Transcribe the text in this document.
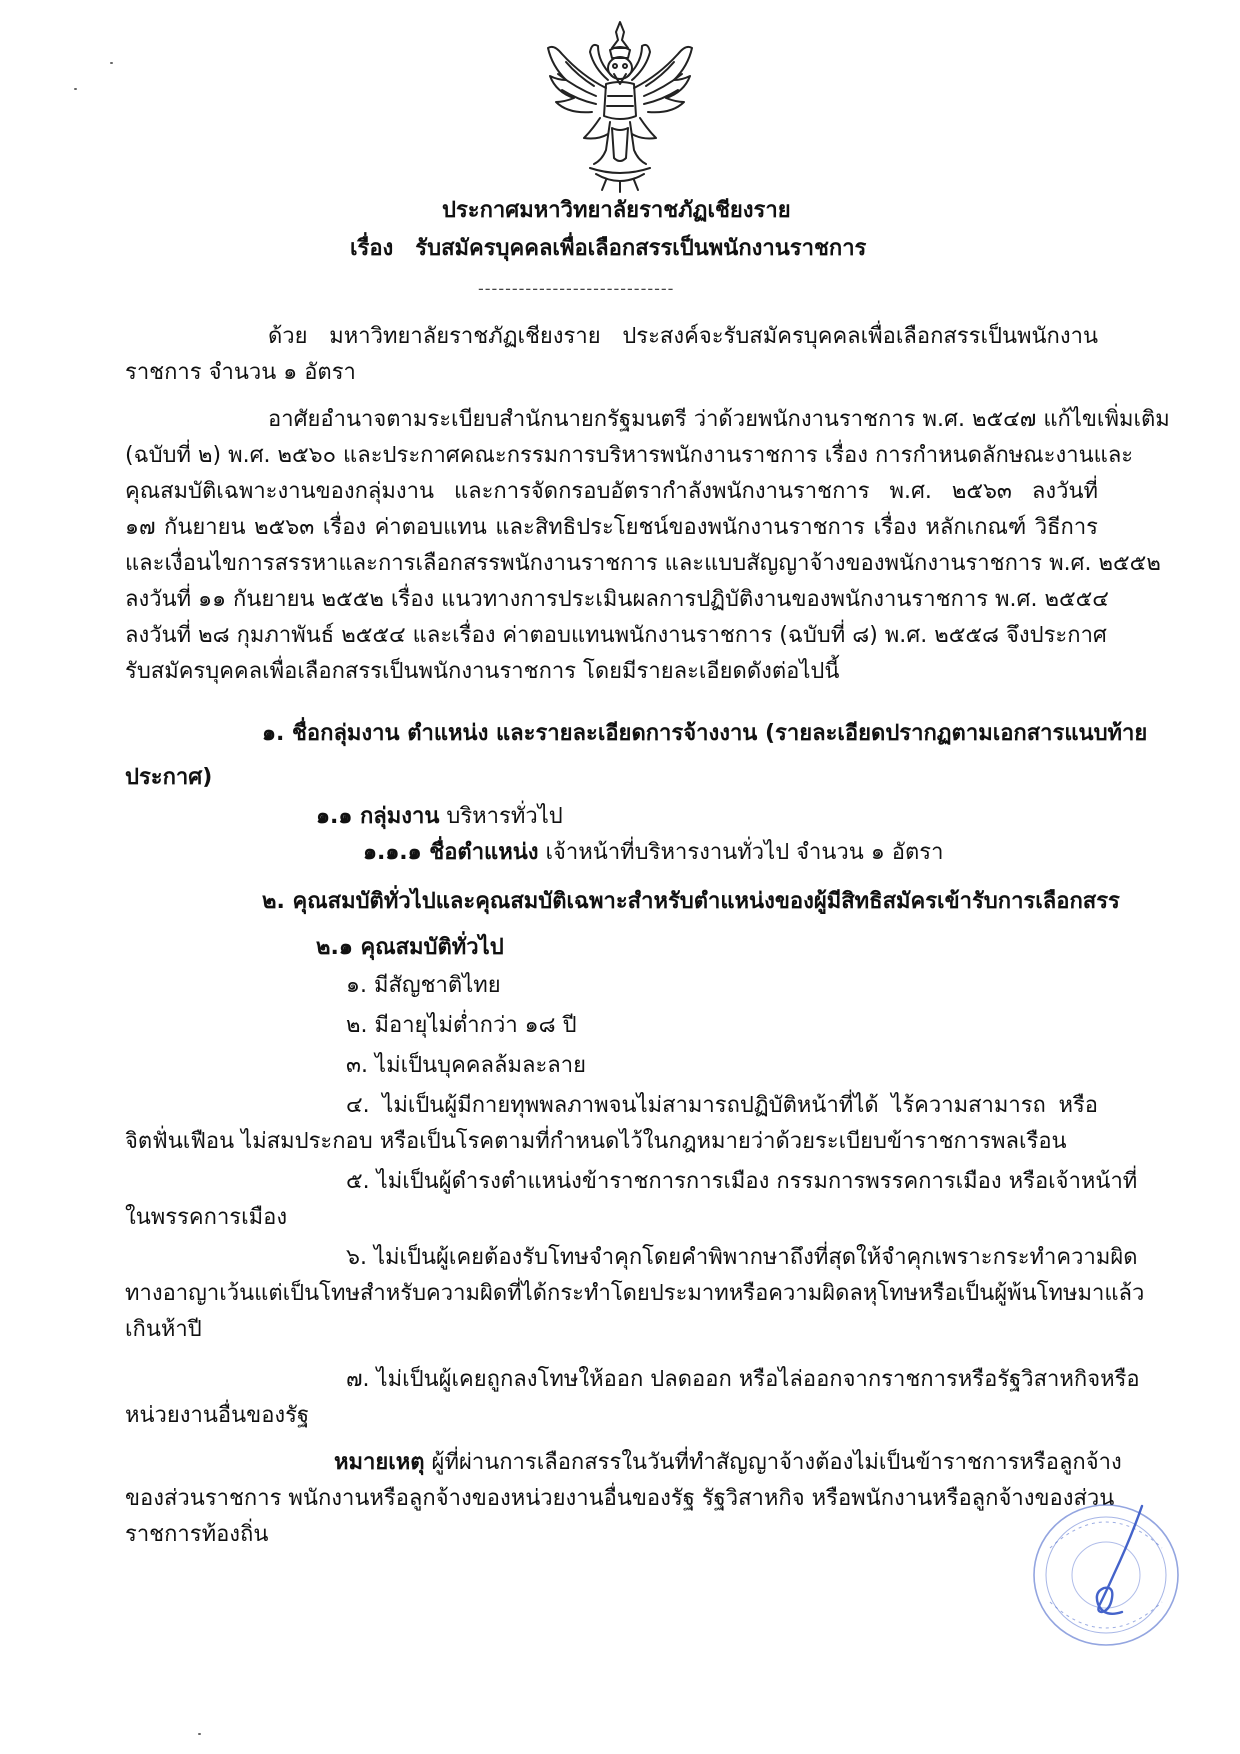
ประกาศมหาวิทยาลัยราชภัฏเชียงราย
เรื่อง รับสมัครบุคคลเพื่อเลือกสรรเป็นพนักงานราชการ
-----------------------------
ด้วย มหาวิทยาลัยราชภัฏเชียงราย ประสงค์จะรับสมัครบุคคลเพื่อเลือกสรรเป็นพนักงาน
ราชการ จำนวน ๑ อัตรา
อาศัยอำนาจตามระเบียบสำนักนายกรัฐมนตรี ว่าด้วยพนักงานราชการ พ.ศ. ๒๕๔๗ แก้ไขเพิ่มเติม
(ฉบับที่ ๒) พ.ศ. ๒๕๖๐ และประกาศคณะกรรมการบริหารพนักงานราชการ เรื่อง การกำหนดลักษณะงานและ
คุณสมบัติเฉพาะงานของกลุ่มงาน และการจัดกรอบอัตรากำลังพนักงานราชการ พ.ศ. ๒๕๖๓ ลงวันที่
๑๗ กันยายน ๒๕๖๓ เรื่อง ค่าตอบแทน และสิทธิประโยชน์ของพนักงานราชการ เรื่อง หลักเกณฑ์ วิธีการ
และเงื่อนไขการสรรหาและการเลือกสรรพนักงานราชการ และแบบสัญญาจ้างของพนักงานราชการ พ.ศ. ๒๕๕๒
ลงวันที่ ๑๑ กันยายน ๒๕๕๒ เรื่อง แนวทางการประเมินผลการปฏิบัติงานของพนักงานราชการ พ.ศ. ๒๕๕๔
ลงวันที่ ๒๘ กุมภาพันธ์ ๒๕๕๔ และเรื่อง ค่าตอบแทนพนักงานราชการ (ฉบับที่ ๘) พ.ศ. ๒๕๕๘ จึงประกาศ
รับสมัครบุคคลเพื่อเลือกสรรเป็นพนักงานราชการ โดยมีรายละเอียดดังต่อไปนี้
๑. ชื่อกลุ่มงาน ตำแหน่ง และรายละเอียดการจ้างงาน (รายละเอียดปรากฏตามเอกสารแนบท้าย
ประกาศ)
๑.๑ กลุ่มงาน บริหารทั่วไป
๑.๑.๑ ชื่อตำแหน่ง เจ้าหน้าที่บริหารงานทั่วไป จำนวน ๑ อัตรา
๒. คุณสมบัติทั่วไปและคุณสมบัติเฉพาะสำหรับตำแหน่งของผู้มีสิทธิสมัครเข้ารับการเลือกสรร
๒.๑ คุณสมบัติทั่วไป
๑. มีสัญชาติไทย
๒. มีอายุไม่ต่ำกว่า ๑๘ ปี
๓. ไม่เป็นบุคคลล้มละลาย
๔. ไม่เป็นผู้มีกายทุพพลภาพจนไม่สามารถปฏิบัติหน้าที่ได้ ไร้ความสามารถ หรือ
จิตฟั่นเฟือน ไม่สมประกอบ หรือเป็นโรคตามที่กำหนดไว้ในกฎหมายว่าด้วยระเบียบข้าราชการพลเรือน
๕. ไม่เป็นผู้ดำรงตำแหน่งข้าราชการการเมือง กรรมการพรรคการเมือง หรือเจ้าหน้าที่
ในพรรคการเมือง
๖. ไม่เป็นผู้เคยต้องรับโทษจำคุกโดยคำพิพากษาถึงที่สุดให้จำคุกเพราะกระทำความผิด
ทางอาญาเว้นแต่เป็นโทษสำหรับความผิดที่ได้กระทำโดยประมาทหรือความผิดลหุโทษหรือเป็นผู้พ้นโทษมาแล้ว
เกินห้าปี
๗. ไม่เป็นผู้เคยถูกลงโทษให้ออก ปลดออก หรือไล่ออกจากราชการหรือรัฐวิสาหกิจหรือ
หน่วยงานอื่นของรัฐ
หมายเหตุ ผู้ที่ผ่านการเลือกสรรในวันที่ทำสัญญาจ้างต้องไม่เป็นข้าราชการหรือลูกจ้าง
ของส่วนราชการ พนักงานหรือลูกจ้างของหน่วยงานอื่นของรัฐ รัฐวิสาหกิจ หรือพนักงานหรือลูกจ้างของส่วน
ราชการท้องถิ่น
